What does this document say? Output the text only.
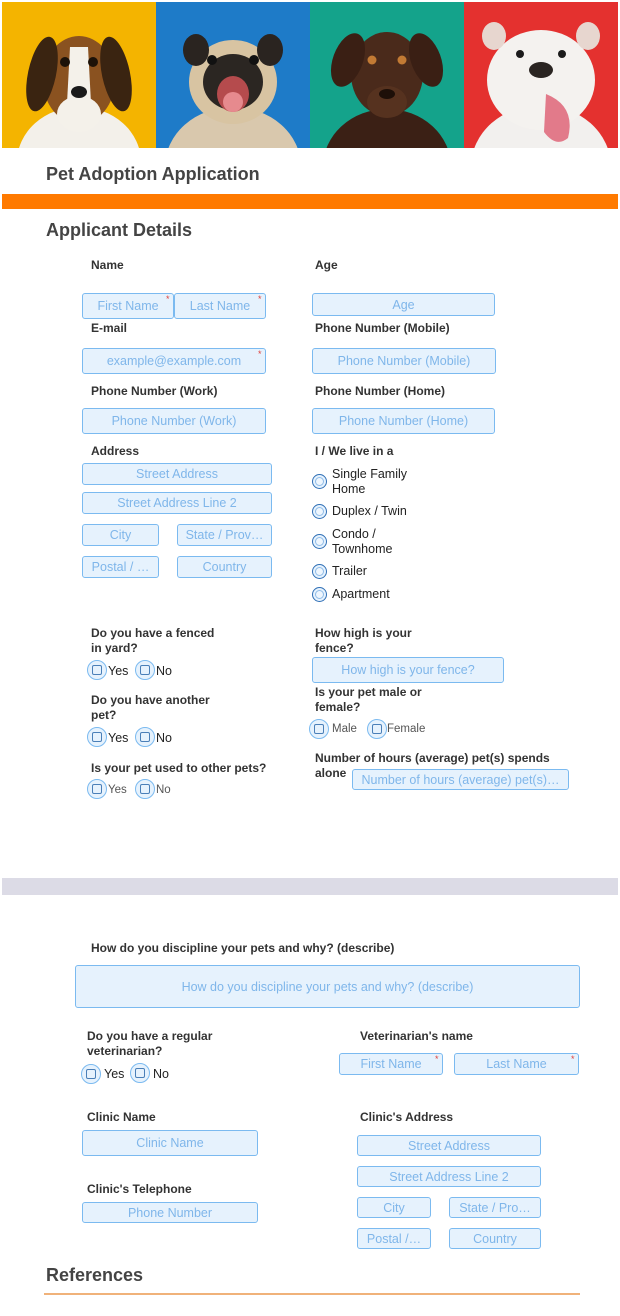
Pet Adoption Application
Applicant Details
Name
First Name *	Last Name *
Age
Age
E-mail
example@example.com	*
Phone Number (Mobile)
Phone Number (Mobile)
Phone Number (Work)
Phone Number (Work)
Phone Number (Home)
Phone Number (Home)
Address
Street Address
Street Address Line 2
City	State / Prov…
Postal / …	Country
I / We live in a
Single Family
Home
Duplex / Twin
Condo /
Townhome
Trailer
Apartment
Do you have a fenced
in yard?
Yes No
How high is your
fence?
How high is your fence?
Do you have another
pet?
Yes No
Is your pet male or
female?
Male	Female
Is your pet used to other pets?
Yes	No
Number of hours (average) pet(s) spends
alone	Number of hours (average) pet(s)…
How do you discipline your pets and why? (describe)
How do you discipline your pets and why? (describe)
Do you have a regular
veterinarian?
Yes No
Veterinarian's name
First Name	*	Last Name	*
Clinic Name
Clinic Name
Clinic's Address
Street Address
Street Address Line 2
City	State / Pro…
Postal /…	Country
Clinic's Telephone
Phone Number
References
